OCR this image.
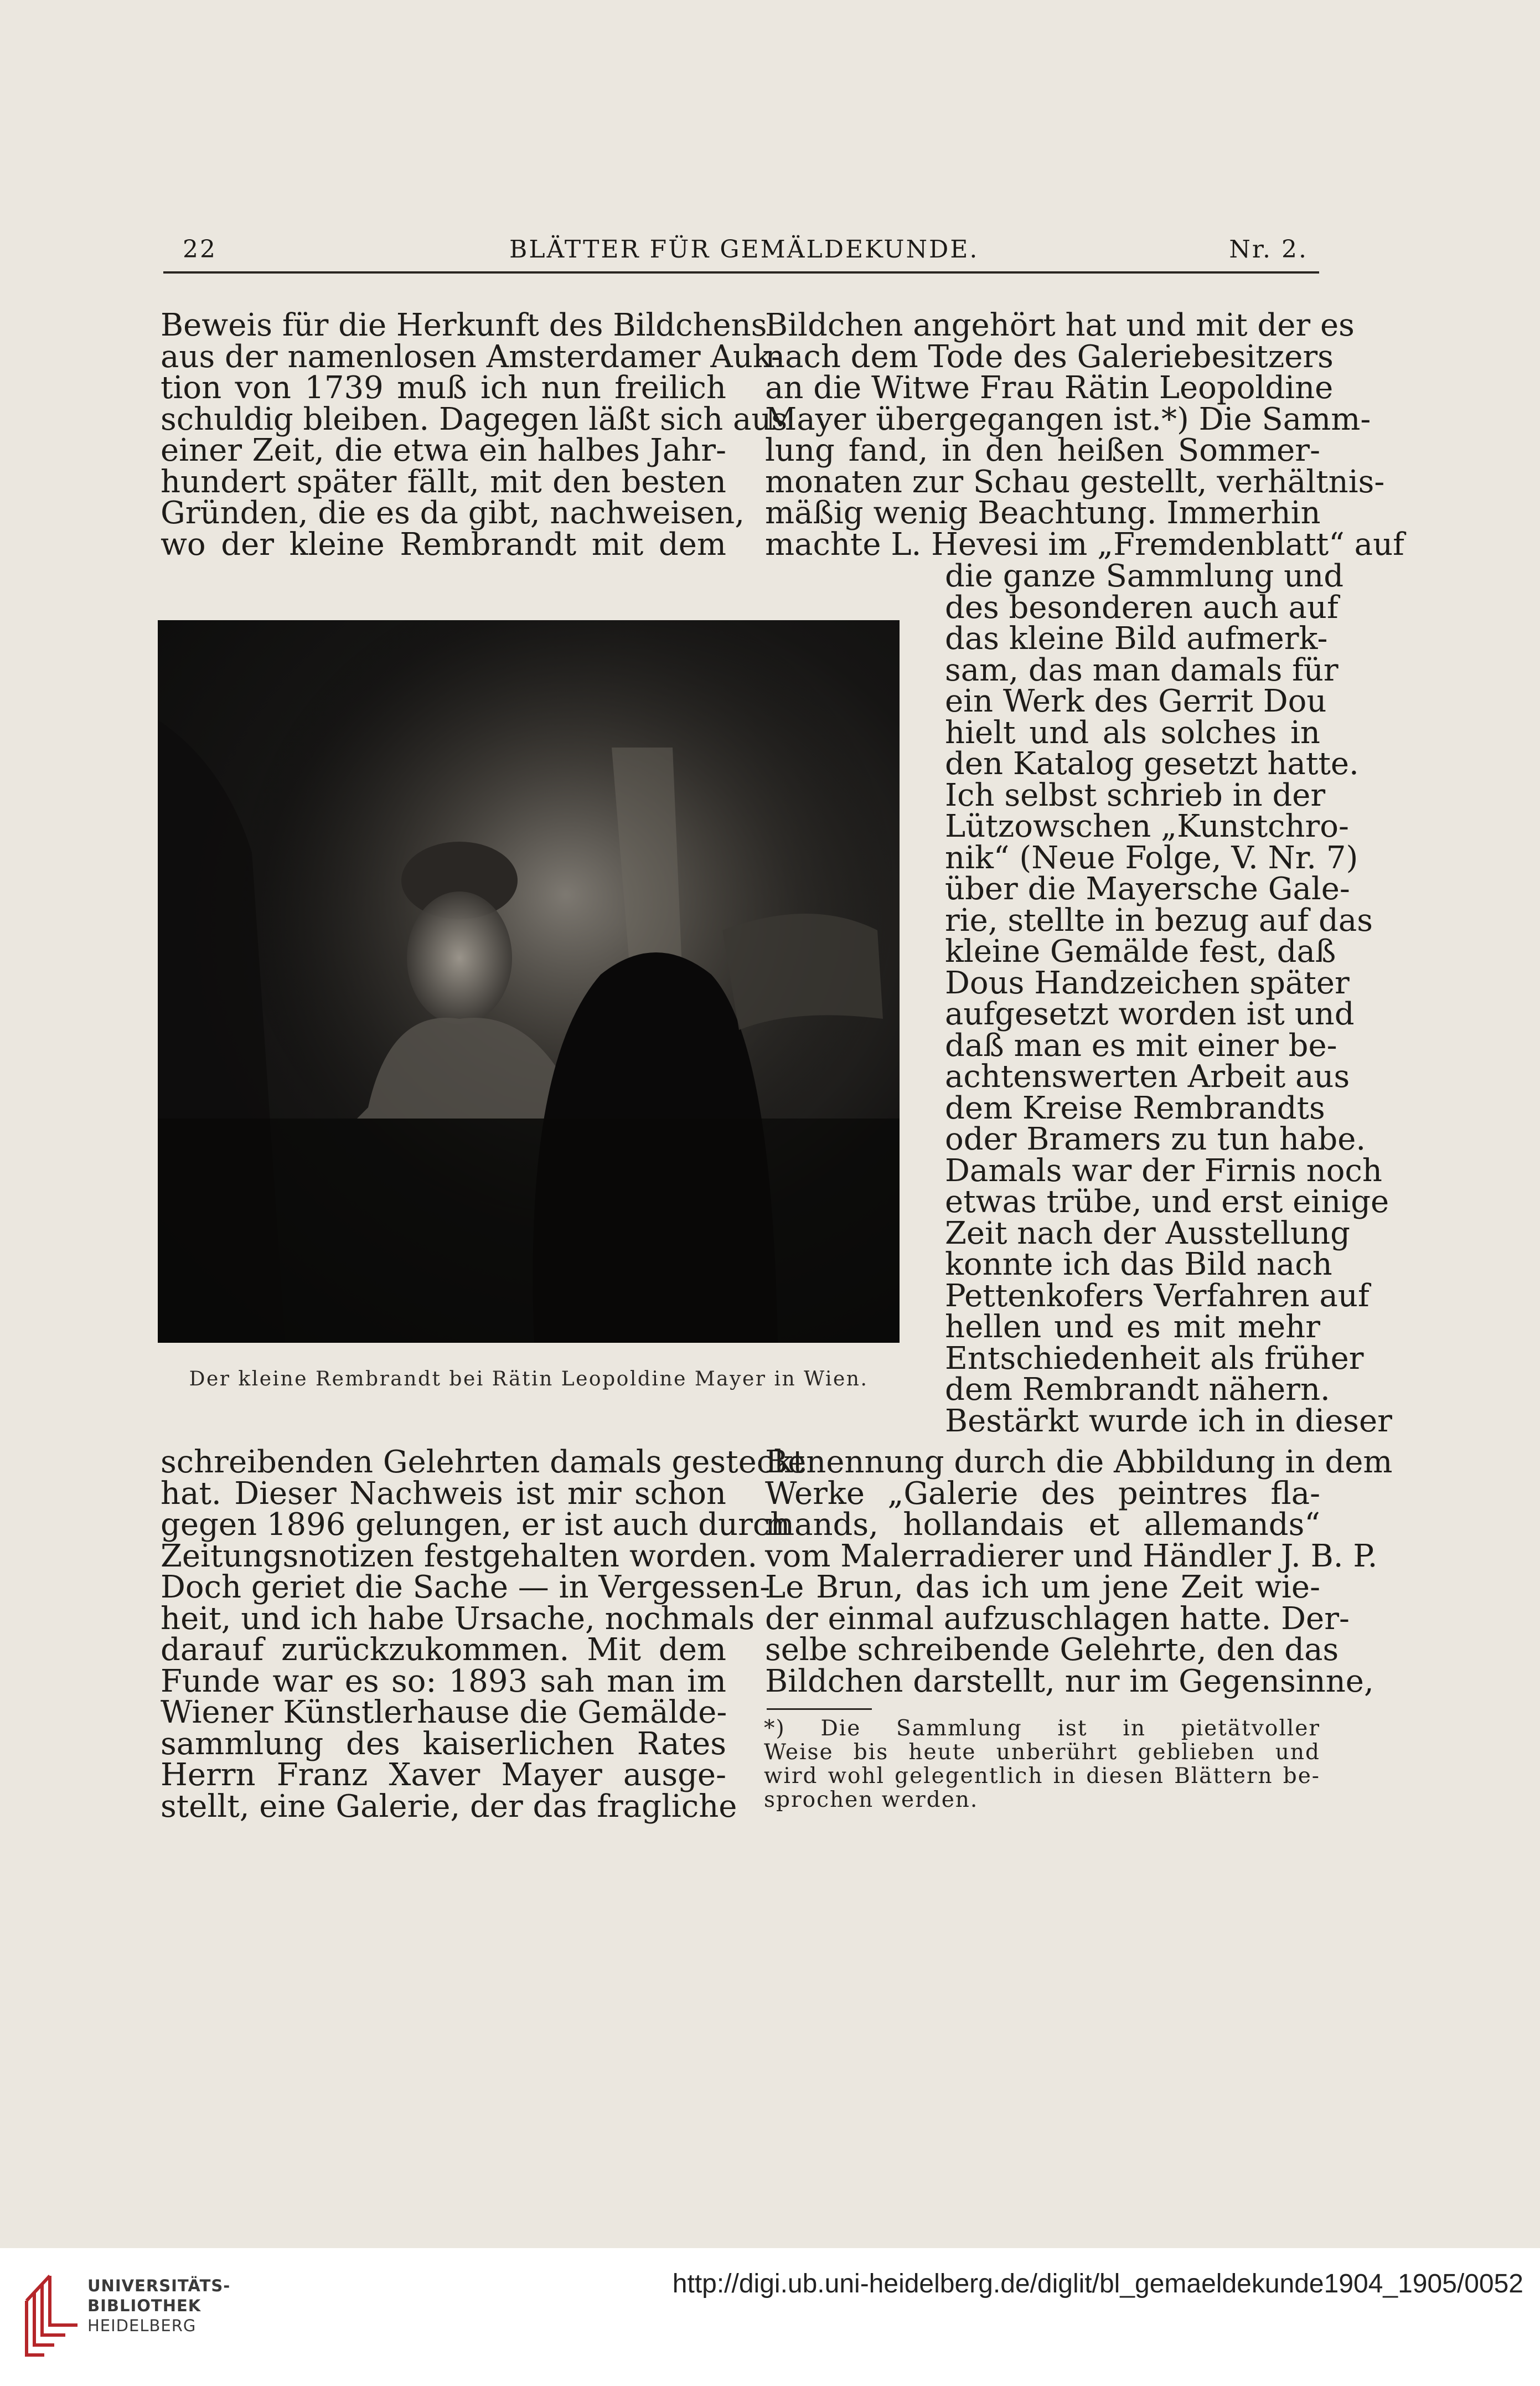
22	BLÄTTER FÜR GEMÄLDEKUNDE.	Nr. 2.
Beweis für die Herkunft des Bildchens
aus der namenlosen Amsterdamer Auk-
tion von 1739 muß ich nun freilich
schuldig bleiben. Dagegen läßt sich aus
einer Zeit, die etwa ein halbes Jahr-
hundert später fällt, mit den besten
Gründen, die es da gibt, nachweisen,
wo der kleine Rembrandt mit dem
Bildchen angehört hat und mit der es
nach dem Tode des Galeriebesitzers
an die Witwe Frau Rätin Leopoldine
Mayer übergegangen ist.*) Die Samm-
lung fand, in den heißen Sommer-
monaten zur Schau gestellt, verhältnis-
mäßig wenig Beachtung. Immerhin
machte L. Hevesi im „Fremdenblatt“ auf
die ganze Sammlung und
des besonderen auch auf
das kleine Bild aufmerk-
sam, das man damals für
ein Werk des Gerrit Dou
hielt und als solches in
den Katalog gesetzt hatte.
Ich selbst schrieb in der
Lützowschen „Kunstchro-
nik“ (Neue Folge, V. Nr. 7)
über die Mayersche Gale-
rie, stellte in bezug auf das
kleine Gemälde fest, daß
Dous Handzeichen später
aufgesetzt worden ist und
daß man es mit einer be-
achtenswerten Arbeit aus
dem Kreise Rembrandts
oder Bramers zu tun habe.
Damals war der Firnis noch
etwas trübe, und erst einige
Zeit nach der Ausstellung
konnte ich das Bild nach
Pettenkofers Verfahren auf
hellen und es mit mehr
Entschiedenheit als früher
dem Rembrandt nähern.
Bestärkt wurde ich in dieser
Der kleine Rembrandt bei Rätin Leopoldine Mayer in Wien.
schreibenden Gelehrten damals gesteckt
hat. Dieser Nachweis ist mir schon
gegen 1896 gelungen, er ist auch durch
Zeitungsnotizen festgehalten worden.
Doch geriet die Sache — in Vergessen-
heit, und ich habe Ursache, nochmals
darauf zurückzukommen. Mit dem
Funde war es so: 1893 sah man im
Wiener Künstlerhause die Gemälde-
sammlung des kaiserlichen Rates
Herrn Franz Xaver Mayer ausge-
stellt, eine Galerie, der das fragliche
Benennung durch die Abbildung in dem
Werke „Galerie des peintres fla-
mands, hollandais et allemands“
vom Malerradierer und Händler J. B. P.
Le Brun, das ich um jene Zeit wie-
der einmal aufzuschlagen hatte. Der-
selbe schreibende Gelehrte, den das
Bildchen darstellt, nur im Gegensinne,
*) Die Sammlung ist in pietätvoller
Weise bis heute unberührt geblieben und
wird wohl gelegentlich in diesen Blättern be-
sprochen werden.
UNIVERSITÄTS-
BIBLIOTHEK
HEIDELBERG
http://digi.ub.uni-heidelberg.de/diglit/bl_gemaeldekunde1904_1905/0052
